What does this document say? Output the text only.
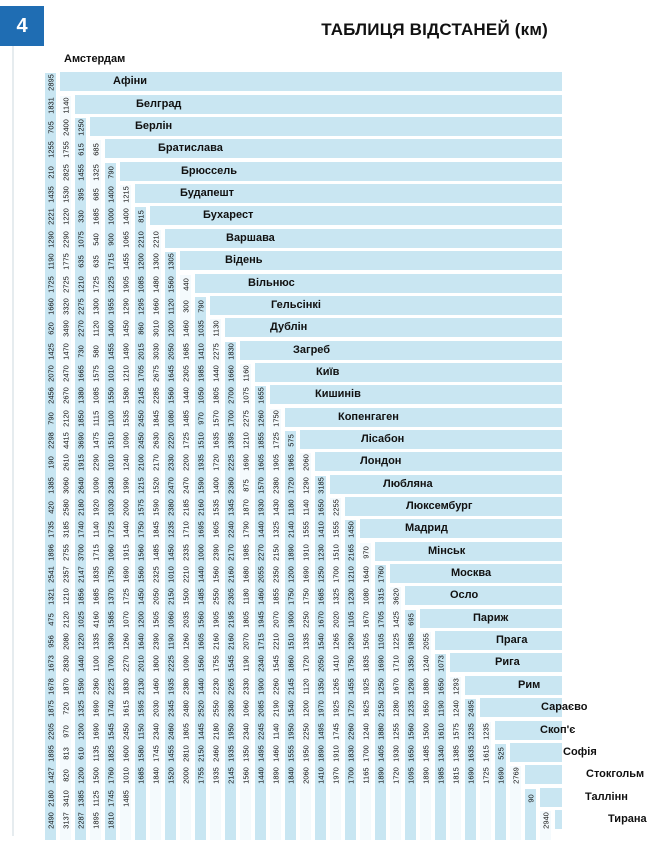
4	ТАБЛИЦЯ ВІДСТАНЕЙ (км)
Амстердам
Афіни
Белград
Берлін
Братислава
Брюссель
Будапешт
Бухарест
Варшава
Відень
Вільнюс
Гельсінкі
Дублін
Загреб
Київ
Кишинів
Копенгаген
Лісабон
Лондон
Любляна
Люксембург
Мадрид
Мінськ
Москва
Осло
Париж
Прага
Рига
Рим
Сараєво
Скоп'є
Софія
Стокгольм
Таллінн
Тирана
2895
1831
705
1255
210
1435
2221
1290
1190
1725
1660
620
1425
2070
2456
790
2298
190
1385
420
1735
1896
2541
1321
475
956
1673
1678
1875
2205
1895
1427
2180
2490
1140
2400
1755
2825
1530
1220
2290
1775
2725
3320
3490
1470
2470
2670
2120
4415
2610
3060
2580
3185
2755
2357
1210
2120
2080
2830
1870
720
970
813
820
3410
3137
1250
615
1455
395
330
1075
635
1210
2275
2270
730
1665
1380
1850
3690
1915
2640
2180
1740
3700
2147
1856
1025
1220
1440
1590
1325
1200
610
1200
1385
2287
685
1325
685
1685
540
635
1725
1300
1120
580
1575
1085
1115
1475
2290
1090
1920
1140
1715
1835
1685
4160
1335
1100
2360
1690
1690
1135
1500
1125
1895
790
1400
1000
900
1715
1225
1955
1400
1455
1010
1550
1100
1510
1010
2340
1030
1725
1060
1750
1370
1585
1390
1700
2225
1740
1545
1825
1760
1745
1810
1215
1400
1065
1455
1905
1290
1450
1490
1210
1580
1535
1090
1240
1990
2000
1440
1915
1690
1725
1070
1260
2270
1830
1615
2450
1600
1010
1485
815
2210
1200
1085
1295
860
2015
1705
2145
2450
2450
2100
1215
1575
1750
1560
1560
1450
1200
1640
2010
2130
1595
1150
1580
1685
2210
1300
1480
1660
3010
3030
2675
2285
1845
2630
2170
1520
1590
1845
1485
2325
2050
1505
2390
1800
1460
2030
2340
1745
1840
1305
1560
1120
1200
2050
1645
1560
1080
2220
2330
2470
2380
1235
1450
1010
2150
1060
1190
2225
1935
2345
2460
1455
1520
440
300
1460
1685
2305
1440
1485
1725
2200
2470
2185
1710
2335
2210
1500
2035
1260
1090
2380
2480
1805
2810
2000
790
1035
1410
1985
1050
970
1510
1935
1590
2160
1695
1000
1440
1485
1560
1605
1560
1440
2520
1445
2150
1755
1130
2275
1440
1805
1570
1635
1720
1400
1535
1605
2390
1560
2550
1905
2160
1755
2230
2550
2180
2460
1935
1830
1660
2700
1700
1395
2225
2360
1345
2240
2170
2160
2305
2195
2160
1545
2265
2380
1950
1935
2145
1160
1075
2275
1210
1690
875
1870
1790
1985
1680
1180
1805
2070
1190
2330
1060
2340
1350
1560
1655
1260
1855
1605
1570
1930
1440
2270
2055
1460
1945
1715
2340
1900
2085
2245
1495
1440
1750
1725
1905
2380
1430
1325
2150
2350
1855
2070
2210
1545
2260
2190
1140
1460
1890
575
1965
1720
1180
2140
1890
1200
1750
1900
1510
1860
2145
1540
1950
1555
1840
2060
1290
1140
1555
1910
1690
1750
2250
1335
1720
1120
1200
2250
1950
2060
3185
1650
1410
1230
1250
1685
1670
1540
2050
1350
1970
1495
1890
1410
2255
1555
1510
1700
1325
2020
1265
1410
1265
1925
1745
1910
1970
1450
2165
1210
1230
1105
1290
1750
1455
1720
2260
1830
1700
970
1640
1080
1670
1505
1835
1925
1625
1240
1700
1165
1760
1315
1705
1105
1690
1250
2150
1880
1405
1890
3620
1425
1225
1710
1670
1280
1255
1930
1720
695
1985
1350
1290
1235
1560
1650
1095
2055
1240
1880
1650
1500
1485
1890
1073
1650
1190
1610
1340
1985
1293
1240
1575
1385
1815
2495
1235
1635
1690
1235
1615
1725
525
1690 2769
90
2940
